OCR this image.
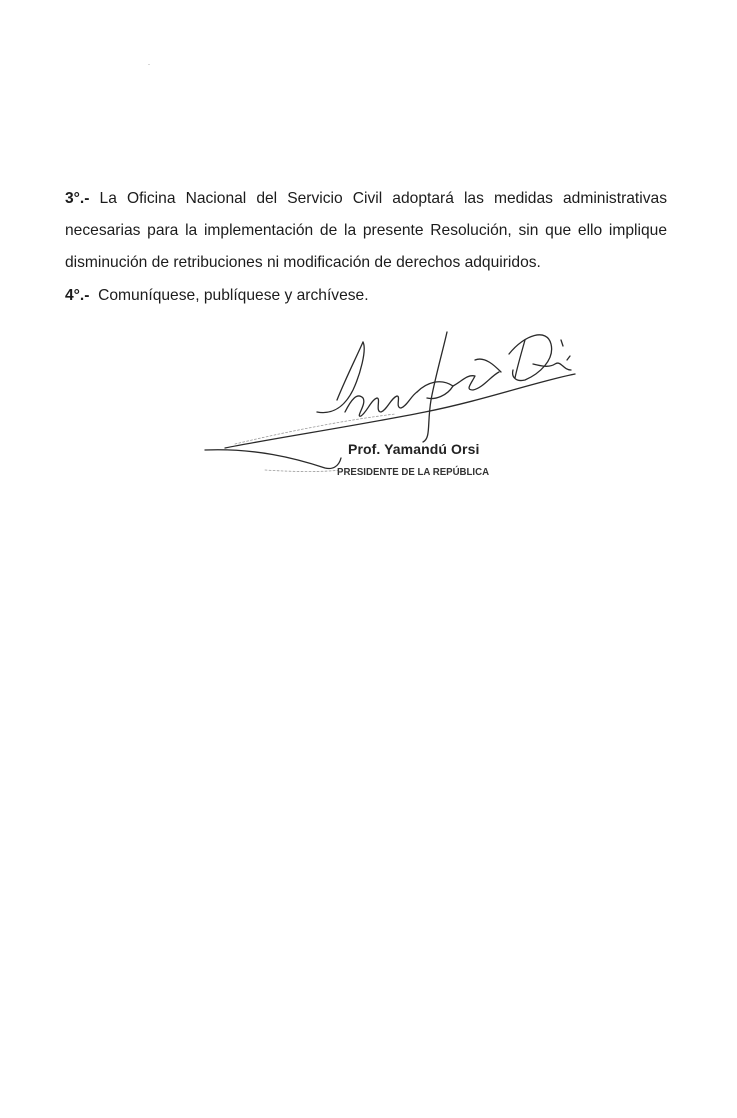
3°.- La Oficina Nacional del Servicio Civil adoptará las medidas administrativas necesarias para la implementación de la presente Resolución, sin que ello implique disminución de retribuciones ni modificación de derechos adquiridos.

4°.- Comuníquese, publíquese y archívese.

Prof. Yamandú Orsi
PRESIDENTE DE LA REPÚBLICA
